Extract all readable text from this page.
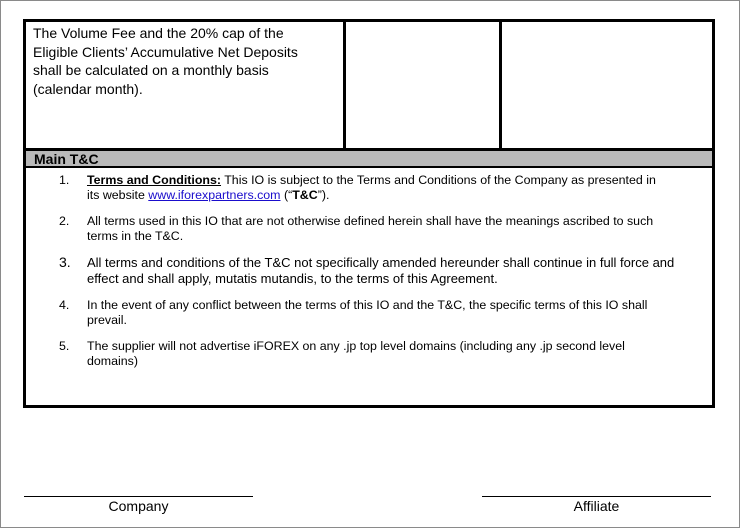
The Volume Fee and the 20% cap of the
Eligible Clients’ Accumulative Net Deposits
shall be calculated on a monthly basis
(calendar month).
Main T&C
1.	Terms and Conditions: This IO is subject to the Terms and Conditions of the Company as presented in
its website www.iforexpartners.com (“T&C”).
2.	All terms used in this IO that are not otherwise defined herein shall have the meanings ascribed to such
terms in the T&C.
3.	All terms and conditions of the T&C not specifically amended hereunder shall continue in full force and
effect and shall apply, mutatis mutandis, to the terms of this Agreement.
4.	In the event of any conflict between the terms of this IO and the T&C, the specific terms of this IO shall
prevail.
5.	The supplier will not advertise iFOREX on any .jp top level domains (including any .jp second level
domains)
Company	Affiliate
